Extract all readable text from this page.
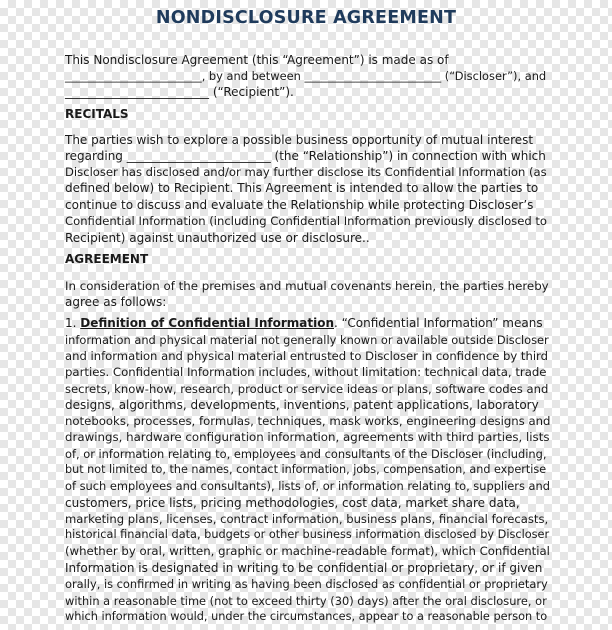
NONDISCLOSURE AGREEMENT
This Nondisclosure Agreement (this “Agreement”) is made as of
________________________, by and between ________________________ (“Discloser”), and
________________________ (“Recipient”).
RECITALS
The parties wish to explore a possible business opportunity of mutual interest
regarding ________________________ (the “Relationship”) in connection with which
Discloser has disclosed and/or may further disclose its Confidential Information (as
defined below) to Recipient. This Agreement is intended to allow the parties to
continue to discuss and evaluate the Relationship while protecting Discloser’s
Confidential Information (including Confidential Information previously disclosed to
Recipient) against unauthorized use or disclosure..
AGREEMENT
In consideration of the premises and mutual covenants herein, the parties hereby
agree as follows:
1. Definition of Confidential Information. “Confidential Information” means
information and physical material not generally known or available outside Discloser
and information and physical material entrusted to Discloser in confidence by third
parties. Confidential Information includes, without limitation: technical data, trade
secrets, know-how, research, product or service ideas or plans, software codes and
designs, algorithms, developments, inventions, patent applications, laboratory
notebooks, processes, formulas, techniques, mask works, engineering designs and
drawings, hardware configuration information, agreements with third parties, lists
of, or information relating to, employees and consultants of the Discloser (including,
but not limited to, the names, contact information, jobs, compensation, and expertise
of such employees and consultants), lists of, or information relating to, suppliers and
customers, price lists, pricing methodologies, cost data, market share data,
marketing plans, licenses, contract information, business plans, financial forecasts,
historical financial data, budgets or other business information disclosed by Discloser
(whether by oral, written, graphic or machine-readable format), which Confidential
Information is designated in writing to be confidential or proprietary, or if given
orally, is confirmed in writing as having been disclosed as confidential or proprietary
within a reasonable time (not to exceed thirty (30) days) after the oral disclosure, or
which information would, under the circumstances, appear to a reasonable person to
